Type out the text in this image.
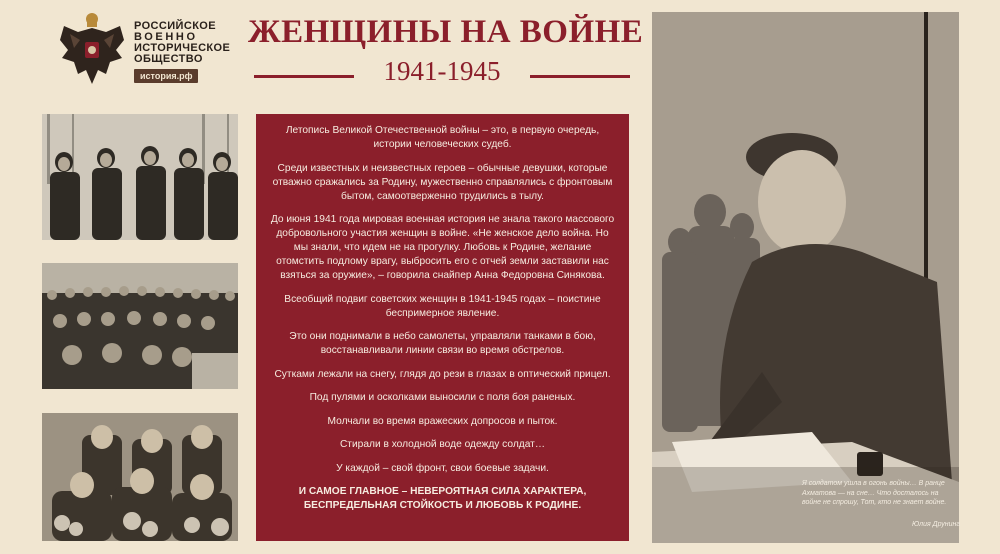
РОССИЙСКОЕ
ВОЕННО
ИСТОРИЧЕСКОЕ
ОБЩЕСТВО
история.рф
ЖЕНЩИНЫ НА ВОЙНЕ
1941-1945

Летопись Великой Отечественной войны – это, в первую очередь, истории человеческих судеб.

Среди известных и неизвестных героев – обычные девушки, которые отважно сражались за Родину, мужественно справлялись с фронтовым бытом, самоотверженно трудились в тылу.

До июня 1941 года мировая военная история не знала такого массового добровольного участия женщин в войне. «Не женское дело война. Но мы знали, что идем не на прогулку. Любовь к Родине, желание отомстить подлому врагу, выбросить его с отчей земли заставили нас взяться за оружие», – говорила снайпер Анна Федоровна Синякова.

Всеобщий подвиг советских женщин в 1941-1945 годах – поистине беспримерное явление.

Это они поднимали в небо самолеты, управляли танками в бою, восстанавливали линии связи во время обстрелов.

Сутками лежали на снегу, глядя до рези в глазах в оптический прицел.

Под пулями и осколками выносили с поля боя раненых.

Молчали во время вражеских допросов и пыток.

Стирали в холодной воде одежду солдат…

У каждой – свой фронт, свои боевые задачи.

И САМОЕ ГЛАВНОЕ – НЕВЕРОЯТНАЯ СИЛА ХАРАКТЕРА, БЕСПРЕДЕЛЬНАЯ СТОЙКОСТЬ И ЛЮБОВЬ К РОДИНЕ.

Я солдатом ушла в огонь войны… В ранце Ахматова — на сне… Что досталось на войне не спрошу, Тот, кто не знает войне.
Юлия Друнина
